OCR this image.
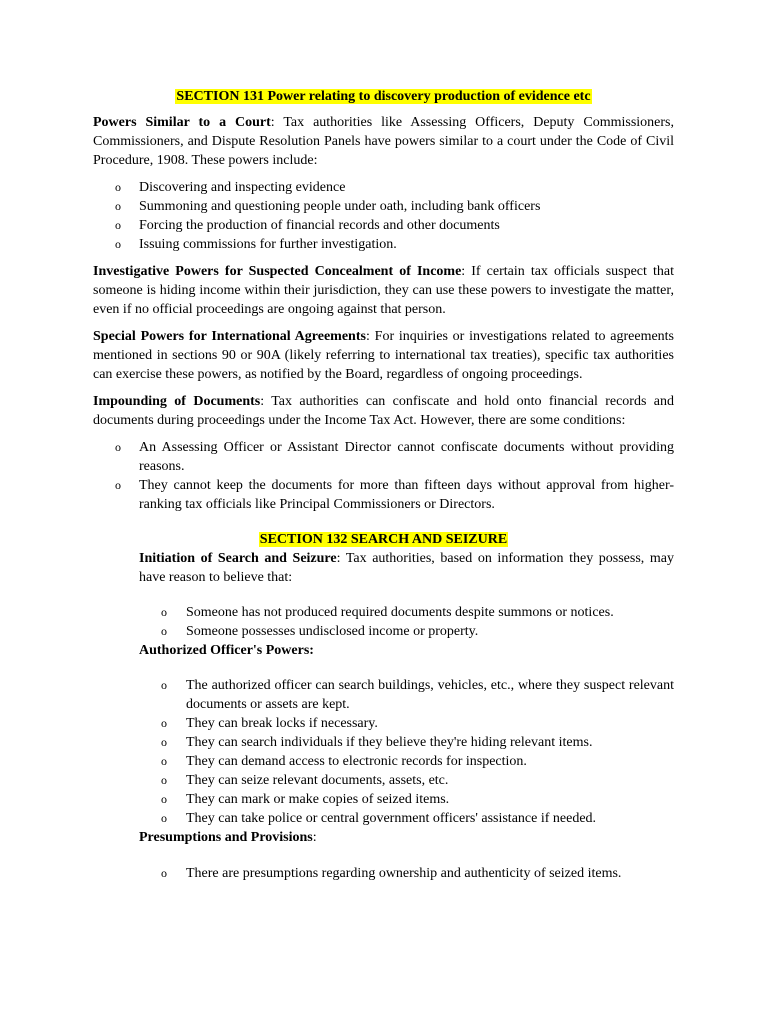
SECTION 131 Power relating to discovery production of evidence etc

Powers Similar to a Court: Tax authorities like Assessing Officers, Deputy Commissioners, Commissioners, and Dispute Resolution Panels have powers similar to a court under the Code of Civil Procedure, 1908. These powers include:

o Discovering and inspecting evidence
o Summoning and questioning people under oath, including bank officers
o Forcing the production of financial records and other documents
o Issuing commissions for further investigation.

Investigative Powers for Suspected Concealment of Income: If certain tax officials suspect that someone is hiding income within their jurisdiction, they can use these powers to investigate the matter, even if no official proceedings are ongoing against that person.

Special Powers for International Agreements: For inquiries or investigations related to agreements mentioned in sections 90 or 90A (likely referring to international tax treaties), specific tax authorities can exercise these powers, as notified by the Board, regardless of ongoing proceedings.

Impounding of Documents: Tax authorities can confiscate and hold onto financial records and documents during proceedings under the Income Tax Act. However, there are some conditions:

o An Assessing Officer or Assistant Director cannot confiscate documents without providing reasons.
o They cannot keep the documents for more than fifteen days without approval from higher-ranking tax officials like Principal Commissioners or Directors.

SECTION 132 SEARCH AND SEIZURE

Initiation of Search and Seizure: Tax authorities, based on information they possess, may have reason to believe that:

o Someone has not produced required documents despite summons or notices.
o Someone possesses undisclosed income or property.

Authorized Officer's Powers:

o The authorized officer can search buildings, vehicles, etc., where they suspect relevant documents or assets are kept.
o They can break locks if necessary.
o They can search individuals if they believe they're hiding relevant items.
o They can demand access to electronic records for inspection.
o They can seize relevant documents, assets, etc.
o They can mark or make copies of seized items.
o They can take police or central government officers' assistance if needed.

Presumptions and Provisions:

o There are presumptions regarding ownership and authenticity of seized items.
